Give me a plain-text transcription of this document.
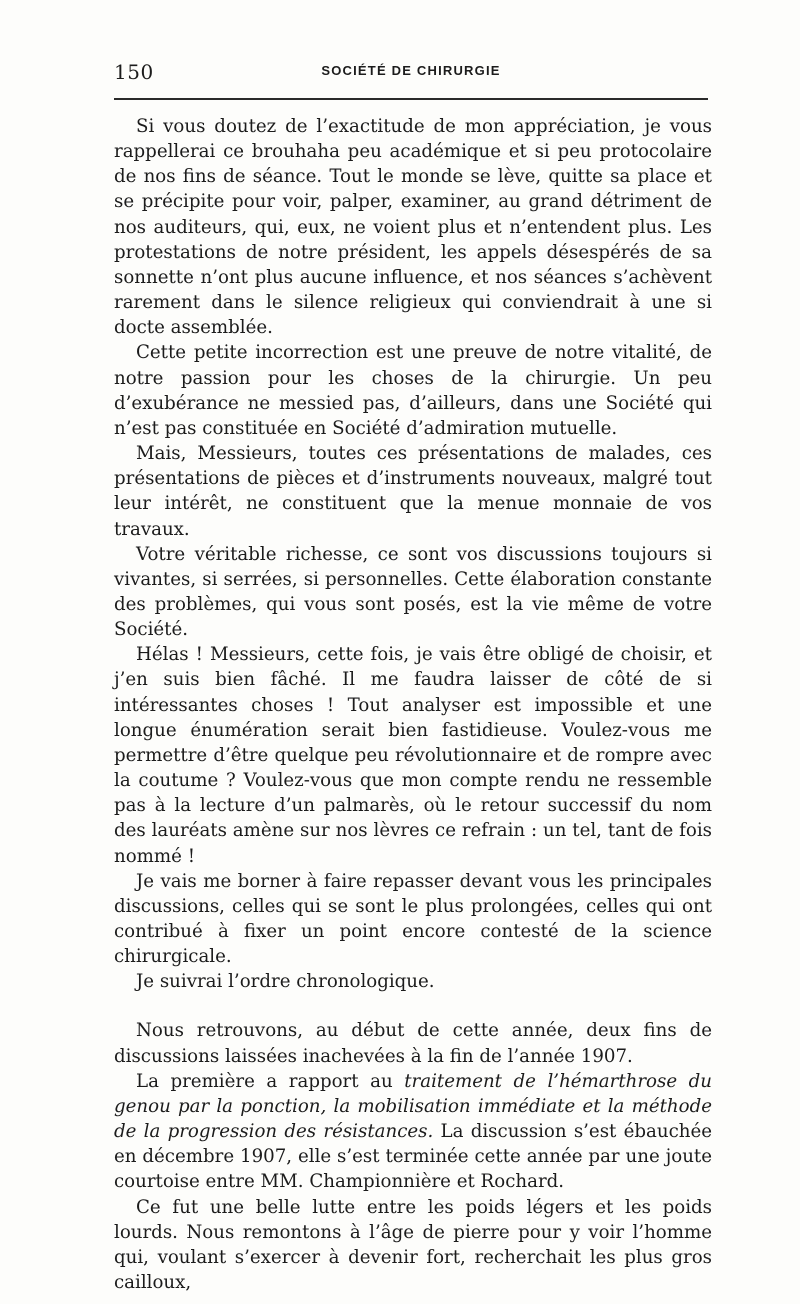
150	SOCIÉTÉ DE CHIRURGIE

Si vous doutez de l’exactitude de mon appréciation, je vous rappellerai ce brouhaha peu académique et si peu protocolaire de nos fins de séance. Tout le monde se lève, quitte sa place et se précipite pour voir, palper, examiner, au grand détriment de nos auditeurs, qui, eux, ne voient plus et n’entendent plus. Les protestations de notre président, les appels désespérés de sa sonnette n’ont plus aucune influence, et nos séances s’achèvent rarement dans le silence religieux qui conviendrait à une si docte assemblée.

Cette petite incorrection est une preuve de notre vitalité, de notre passion pour les choses de la chirurgie. Un peu d’exubérance ne messied pas, d’ailleurs, dans une Société qui n’est pas constituée en Société d’admiration mutuelle.

Mais, Messieurs, toutes ces présentations de malades, ces présentations de pièces et d’instruments nouveaux, malgré tout leur intérêt, ne constituent que la menue monnaie de vos travaux.

Votre véritable richesse, ce sont vos discussions toujours si vivantes, si serrées, si personnelles. Cette élaboration constante des problèmes, qui vous sont posés, est la vie même de votre Société.

Hélas ! Messieurs, cette fois, je vais être obligé de choisir, et j’en suis bien fâché. Il me faudra laisser de côté de si intéressantes choses ! Tout analyser est impossible et une longue énumération serait bien fastidieuse. Voulez-vous me permettre d’être quelque peu révolutionnaire et de rompre avec la coutume ? Voulez-vous que mon compte rendu ne ressemble pas à la lecture d’un palmarès, où le retour successif du nom des lauréats amène sur nos lèvres ce refrain : un tel, tant de fois nommé !

Je vais me borner à faire repasser devant vous les principales discussions, celles qui se sont le plus prolongées, celles qui ont contribué à fixer un point encore contesté de la science chirurgicale.

Je suivrai l’ordre chronologique.

Nous retrouvons, au début de cette année, deux fins de discussions laissées inachevées à la fin de l’année 1907.

La première a rapport au traitement de l’hémarthrose du genou par la ponction, la mobilisation immédiate et la méthode de la progression des résistances. La discussion s’est ébauchée en décembre 1907, elle s’est terminée cette année par une joute courtoise entre MM. Championnière et Rochard.

Ce fut une belle lutte entre les poids légers et les poids lourds. Nous remontons à l’âge de pierre pour y voir l’homme qui, voulant s’exercer à devenir fort, recherchait les plus gros cailloux,
